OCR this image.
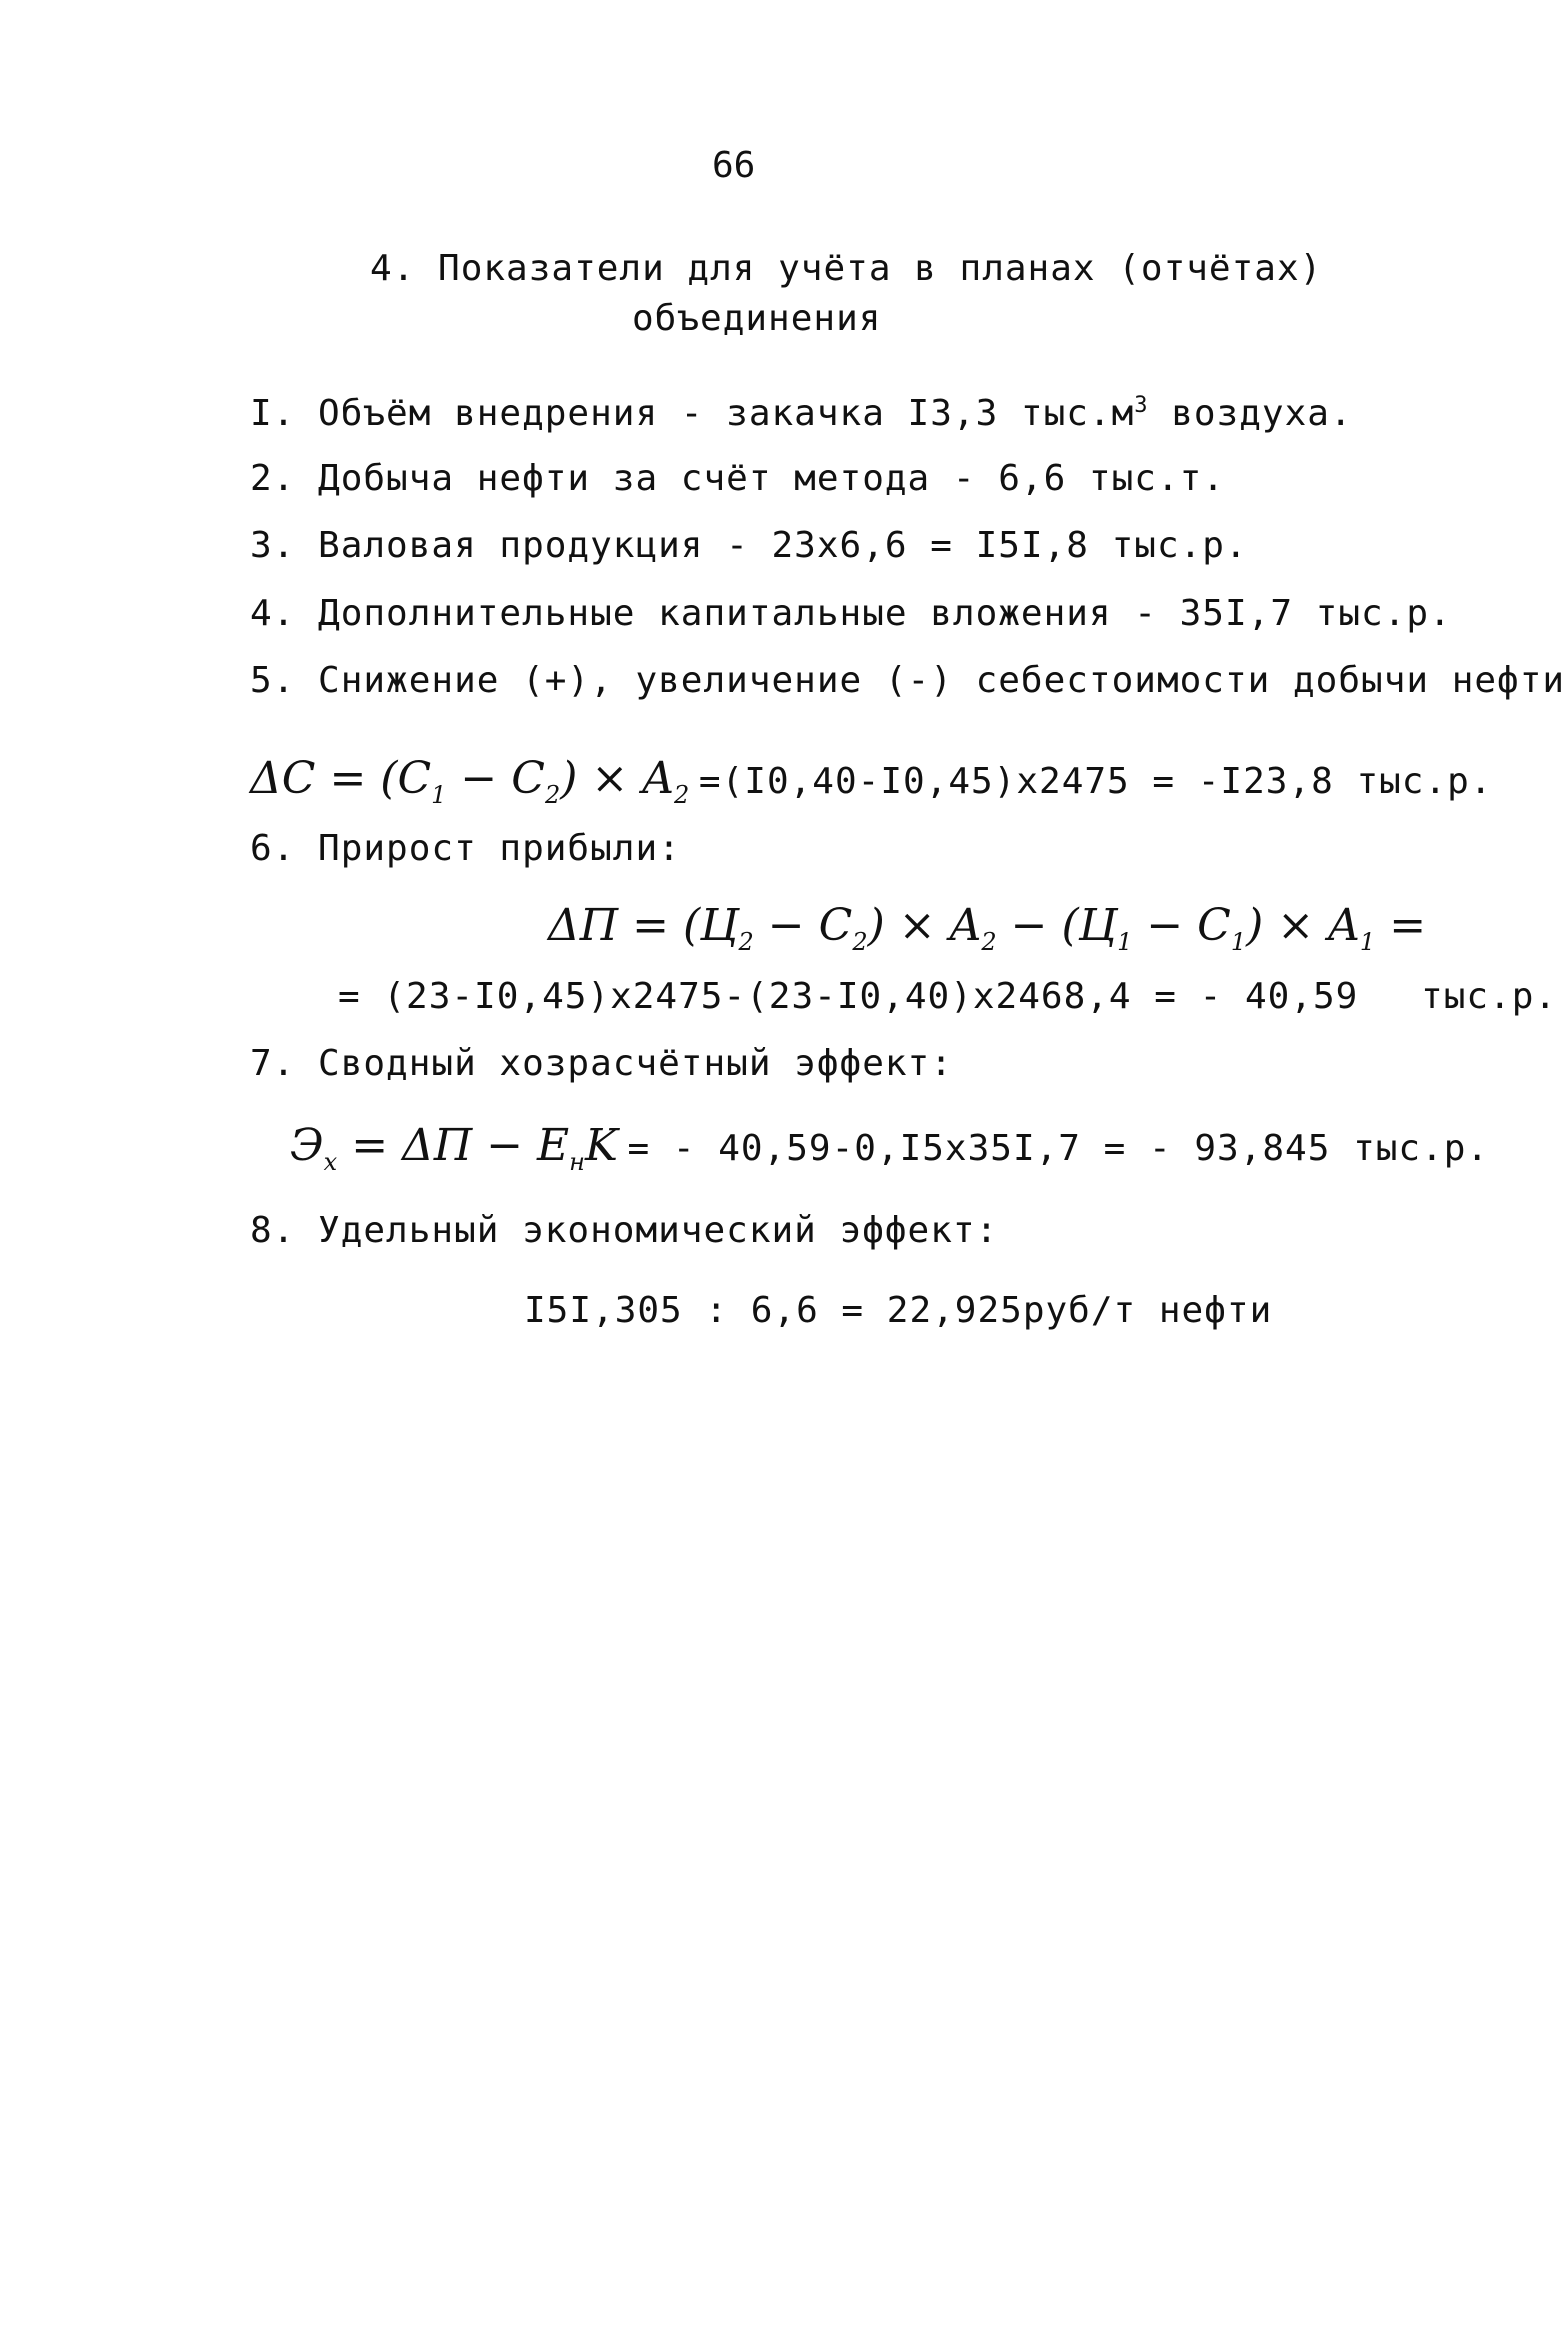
66
4. Показатели для учёта в планах (отчётах)
объединения
I. Объём внедрения - закачка I3,3 $тыс.м^3$ воздуха.
2. Добыча нефти за счёт метода - 6,6 тыс.т.
3. Валовая продукция - 23x6,6 = I5I,8 тыс.р.
4. Дополнительные капитальные вложения - 35I,7 тыс.р.
5. Снижение (+), увеличение (-) себестоимости добычи нефти
$\Delta C = (C_1 - C_2) \times A_2 =(I0,40-I0,45)x2475 = -I23,8$ тыс.р.
6. Прирост прибыли:
$\Delta П = (Ц_2 - C_2) \times A_2 - (Ц_1 - C_1) \times A_1$ =
= (23-I0,45)x2475-(23-I0,40)x2468,4 = - 40,59 тыс.р.
7. Сводный хозрасчётный эффект:
$Э_х = \Delta П - E_нK$ = - 40,59-0,I5x35I,7 = - 93,845 тыс.р.
8. Удельный экономический эффект:
I5I,305 : 6,6 = 22,925руб/т нефти
